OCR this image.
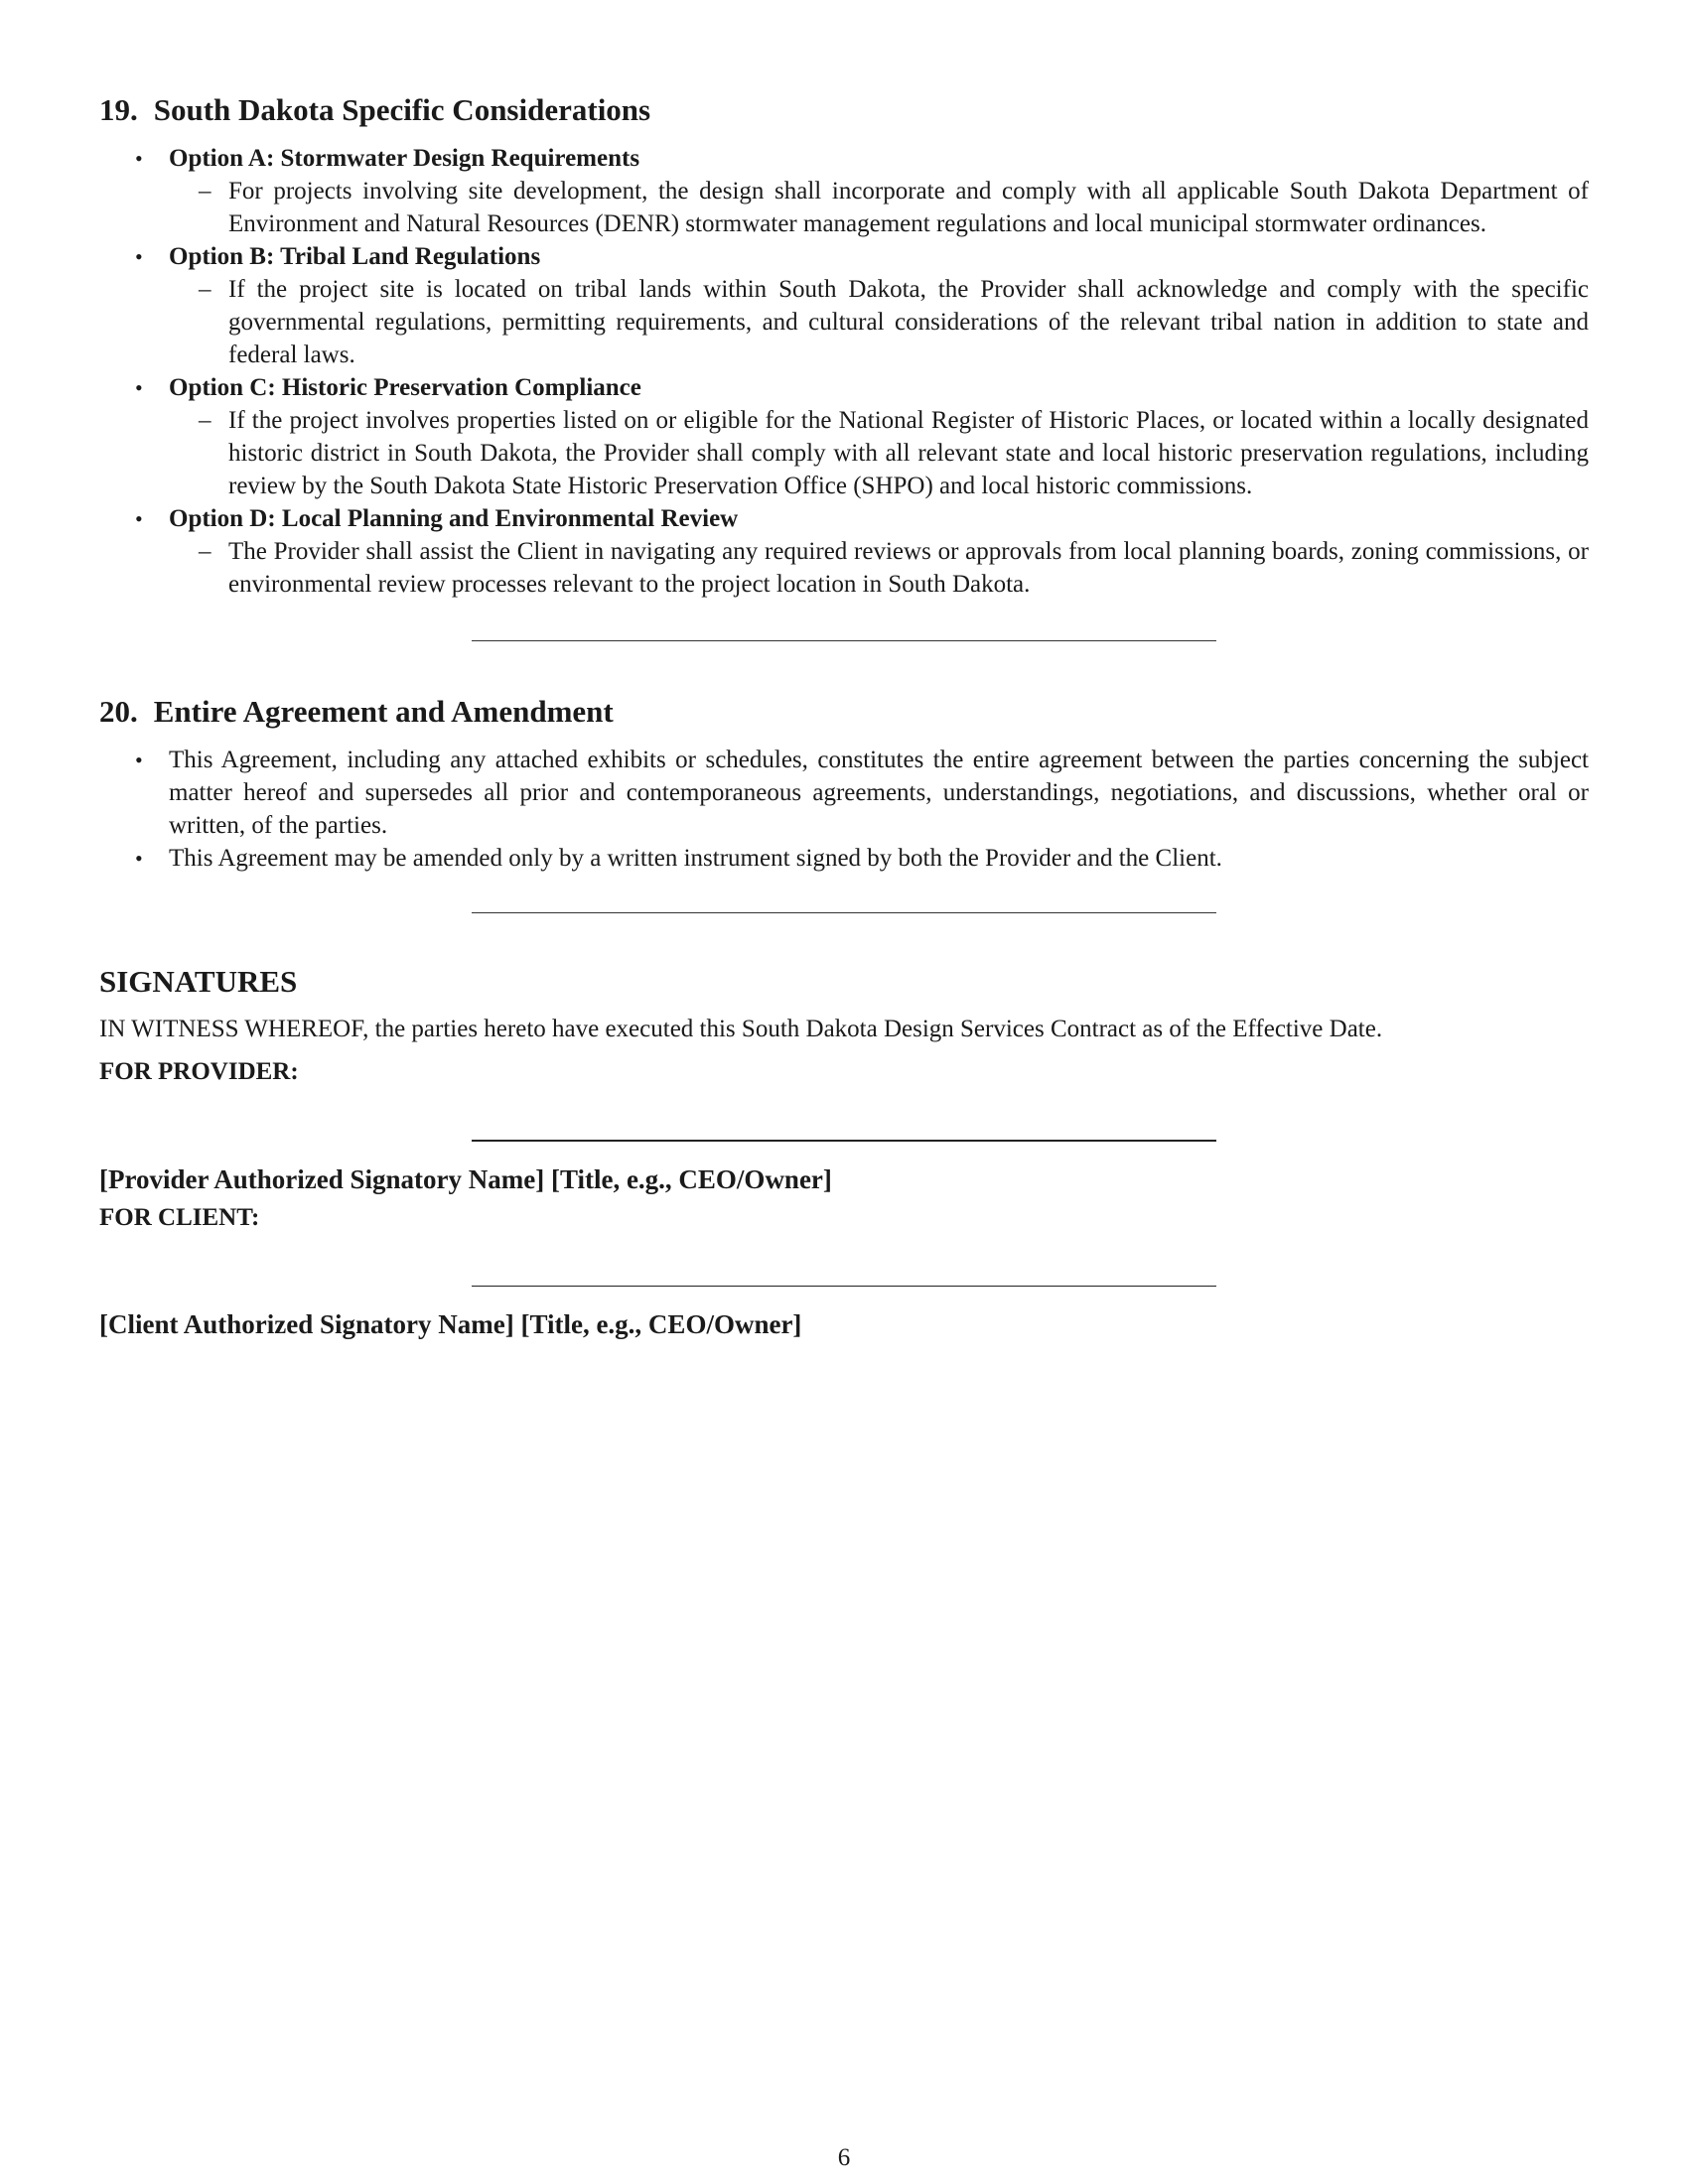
19. South Dakota Specific Considerations
• Option A: Stormwater Design Requirements
– For projects involving site development, the design shall incorporate and comply with all applicable South Dakota Department of Environment and Natural Resources (DENR) stormwater management regulations and local municipal stormwater ordinances.
• Option B: Tribal Land Regulations
– If the project site is located on tribal lands within South Dakota, the Provider shall acknowledge and comply with the specific governmental regulations, permitting requirements, and cultural considerations of the relevant tribal nation in addition to state and federal laws.
• Option C: Historic Preservation Compliance
– If the project involves properties listed on or eligible for the National Register of Historic Places, or located within a locally designated historic district in South Dakota, the Provider shall comply with all relevant state and local historic preservation regulations, including review by the South Dakota State Historic Preservation Office (SHPO) and local historic commissions.
• Option D: Local Planning and Environmental Review
– The Provider shall assist the Client in navigating any required reviews or approvals from local planning boards, zoning commissions, or environmental review processes relevant to the project location in South Dakota.
20. Entire Agreement and Amendment
• This Agreement, including any attached exhibits or schedules, constitutes the entire agreement between the parties concerning the subject matter hereof and supersedes all prior and contemporaneous agreements, understandings, negotiations, and discussions, whether oral or written, of the parties.
• This Agreement may be amended only by a written instrument signed by both the Provider and the Client.
SIGNATURES

IN WITNESS WHEREOF, the parties hereto have executed this South Dakota Design Services Contract as of the Effective Date.

FOR PROVIDER:

[Provider Authorized Signatory Name] [Title, e.g., CEO/Owner]

FOR CLIENT:

[Client Authorized Signatory Name] [Title, e.g., CEO/Owner]

6
